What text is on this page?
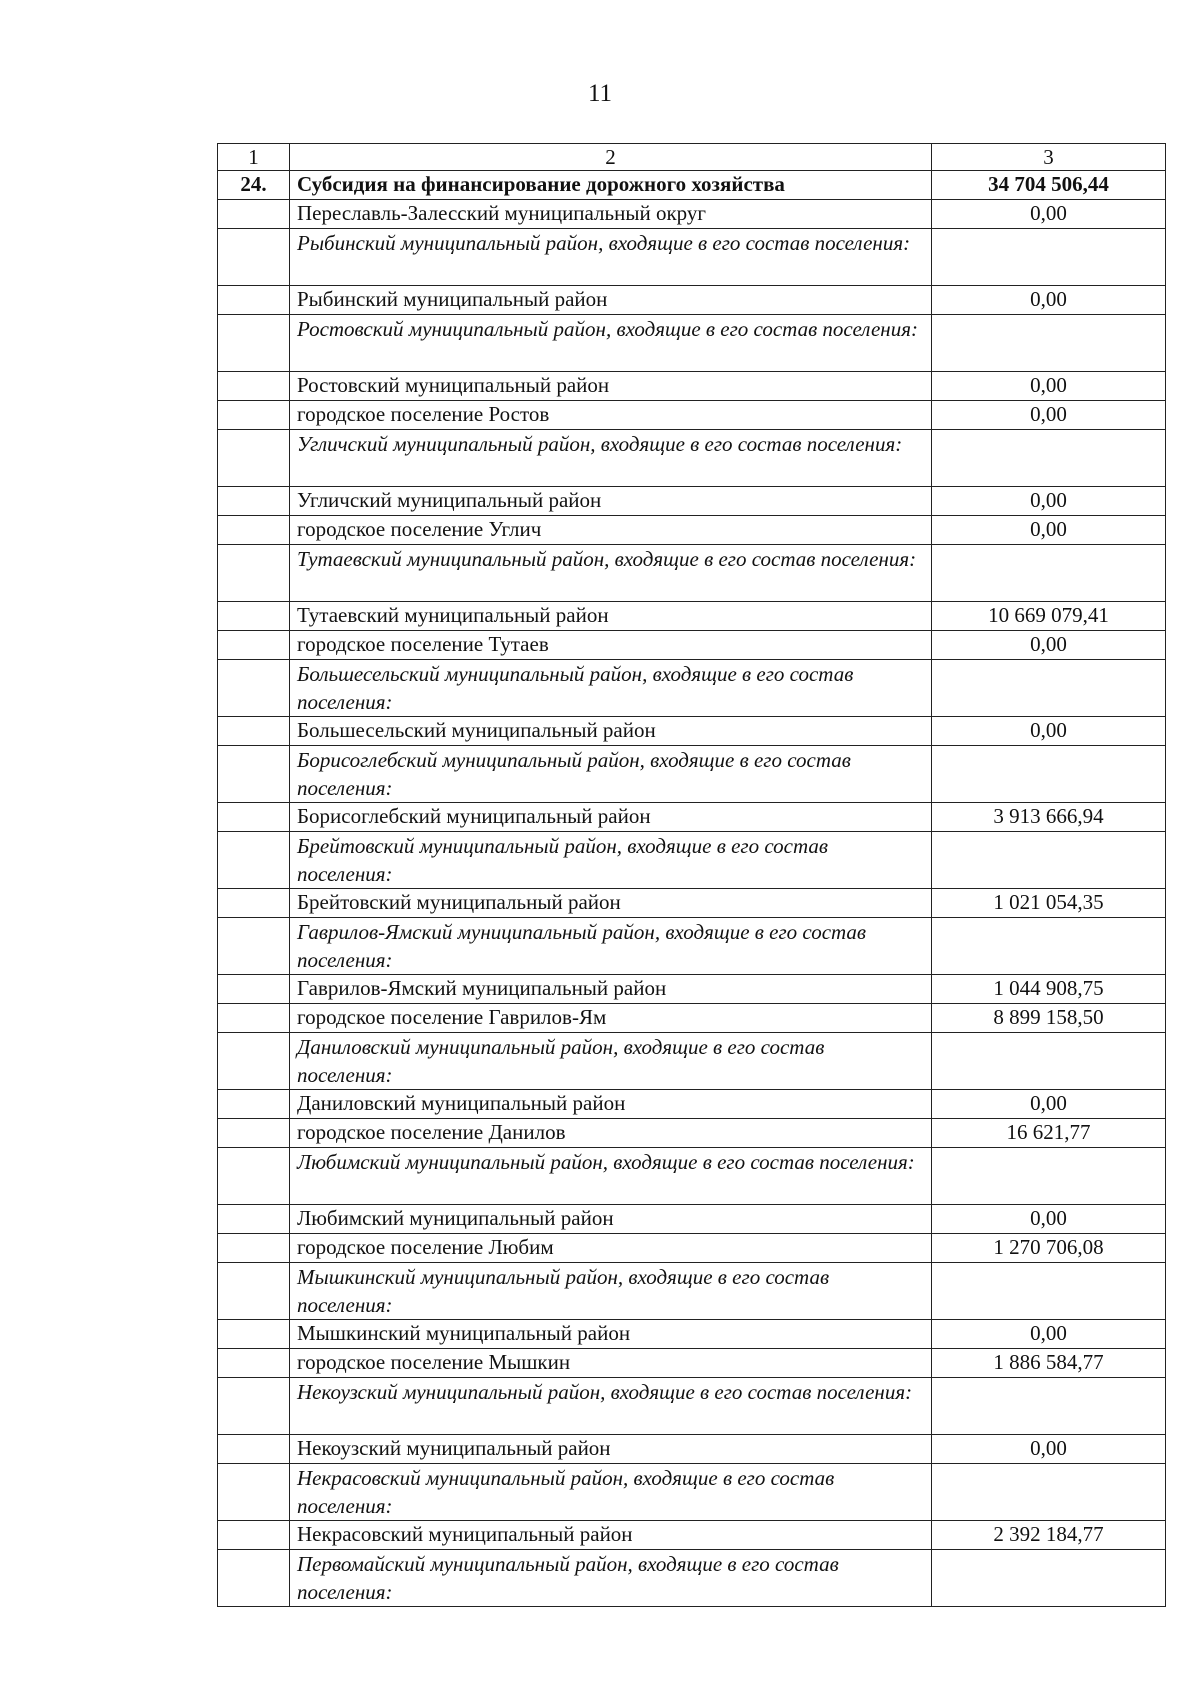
11
1	2	3
24.	Субсидия на финансирование дорожного хозяйства	34 704 506,44
	Переславль-Залесский муниципальный округ	0,00
	Рыбинский муниципальный район, входящие в его состав поселения:	
	Рыбинский муниципальный район	0,00
	Ростовский муниципальный район, входящие в его состав поселения:	
	Ростовский муниципальный район	0,00
	городское поселение Ростов	0,00
	Угличский муниципальный район, входящие в его состав поселения:	
	Угличский муниципальный район	0,00
	городское поселение Углич	0,00
	Тутаевский муниципальный район, входящие в его состав поселения:	
	Тутаевский муниципальный район	10 669 079,41
	городское поселение Тутаев	0,00
	Большесельский муниципальный район, входящие в его состав поселения:	
	Большесельский муниципальный район	0,00
	Борисоглебский муниципальный район, входящие в его состав поселения:	
	Борисоглебский муниципальный район	3 913 666,94
	Брейтовский муниципальный район, входящие в его состав поселения:	
	Брейтовский муниципальный район	1 021 054,35
	Гаврилов-Ямский муниципальный район, входящие в его состав поселения:	
	Гаврилов-Ямский муниципальный район	1 044 908,75
	городское поселение Гаврилов-Ям	8 899 158,50
	Даниловский муниципальный район, входящие в его состав поселения:	
	Даниловский муниципальный район	0,00
	городское поселение Данилов	16 621,77
	Любимский муниципальный район, входящие в его состав поселения:	
	Любимский муниципальный район	0,00
	городское поселение Любим	1 270 706,08
	Мышкинский муниципальный район, входящие в его состав поселения:	
	Мышкинский муниципальный район	0,00
	городское поселение Мышкин	1 886 584,77
	Некоузский муниципальный район, входящие в его состав поселения:	
	Некоузский муниципальный район	0,00
	Некрасовский муниципальный район, входящие в его состав поселения:	
	Некрасовский муниципальный район	2 392 184,77
	Первомайский муниципальный район, входящие в его состав поселения:	
